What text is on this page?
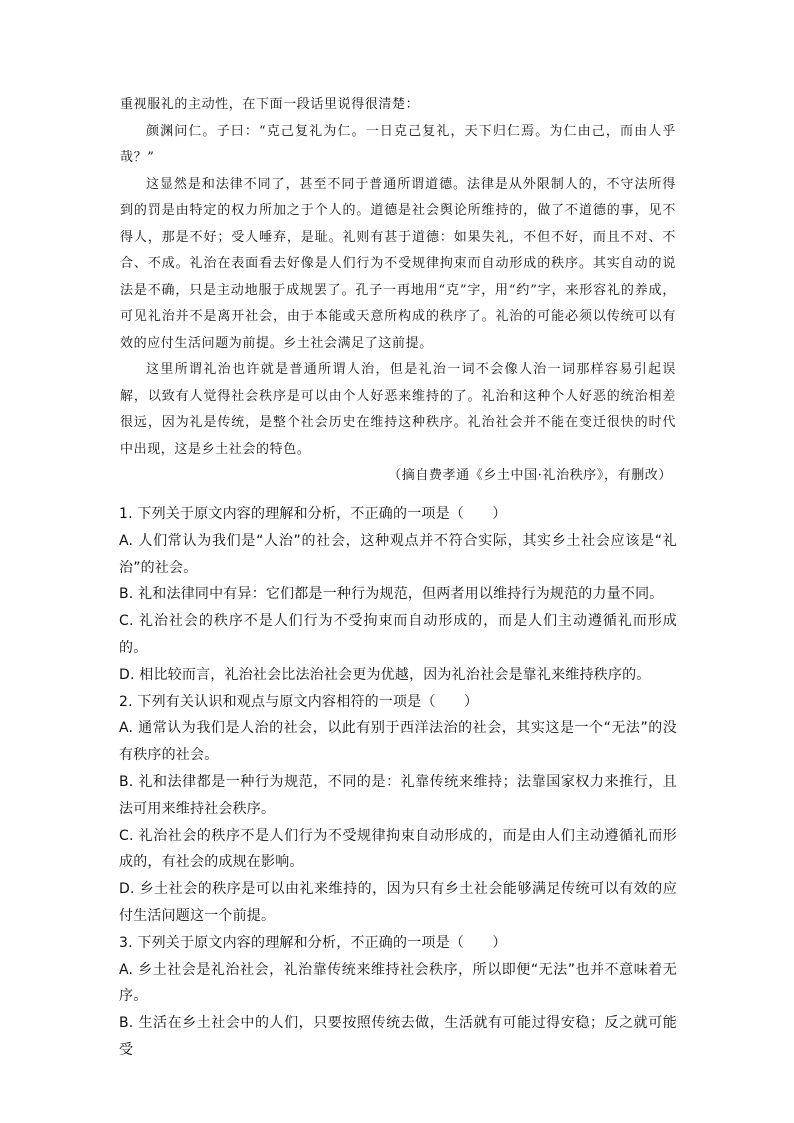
重视服礼的主动性，在下面一段话里说得很清楚：

颜渊问仁。子曰：“克己复礼为仁。一日克己复礼，天下归仁焉。为仁由己，而由人乎哉？”

这显然是和法律不同了，甚至不同于普通所谓道德。法律是从外限制人的，不守法所得到的罚是由特定的权力所加之于个人的。道德是社会舆论所维持的，做了不道德的事，见不得人，那是不好；受人唾弃，是耻。礼则有甚于道德：如果失礼，不但不好，而且不对、不合、不成。礼治在表面看去好像是人们行为不受规律拘束而自动形成的秩序。其实自动的说法是不确，只是主动地服于成规罢了。孔子一再地用“克”字，用“约”字，来形容礼的养成，可见礼治并不是离开社会，由于本能或天意所构成的秩序了。礼治的可能必须以传统可以有效的应付生活问题为前提。乡土社会满足了这前提。

这里所谓礼治也许就是普通所谓人治，但是礼治一词不会像人治一词那样容易引起误解，以致有人觉得社会秩序是可以由个人好恶来维持的了。礼治和这种个人好恶的统治相差很远，因为礼是传统，是整个社会历史在维持这种秩序。礼治社会并不能在变迁很快的时代中出现，这是乡土社会的特色。

（摘自费孝通《乡土中国·礼治秩序》，有删改）

1. 下列关于原文内容的理解和分析，不正确的一项是（　　）

A. 人们常认为我们是“人治”的社会，这种观点并不符合实际，其实乡土社会应该是“礼治”的社会。

B. 礼和法律同中有异：它们都是一种行为规范，但两者用以维持行为规范的力量不同。

C. 礼治社会的秩序不是人们行为不受拘束而自动形成的，而是人们主动遵循礼而形成的。

D. 相比较而言，礼治社会比法治社会更为优越，因为礼治社会是靠礼来维持秩序的。

2. 下列有关认识和观点与原文内容相符的一项是（　　）

A. 通常认为我们是人治的社会，以此有别于西洋法治的社会，其实这是一个“无法”的没有秩序的社会。

B. 礼和法律都是一种行为规范，不同的是：礼靠传统来维持；法靠国家权力来推行，且法可用来维持社会秩序。

C. 礼治社会的秩序不是人们行为不受规律拘束自动形成的，而是由人们主动遵循礼而形成的，有社会的成规在影响。

D. 乡土社会的秩序是可以由礼来维持的，因为只有乡土社会能够满足传统可以有效的应付生活问题这一个前提。

3. 下列关于原文内容的理解和分析，不正确的一项是（　　）

A. 乡土社会是礼治社会，礼治靠传统来维持社会秩序，所以即便“无法”也并不意味着无序。

B. 生活在乡土社会中的人们，只要按照传统去做，生活就有可能过得安稳；反之就可能受
